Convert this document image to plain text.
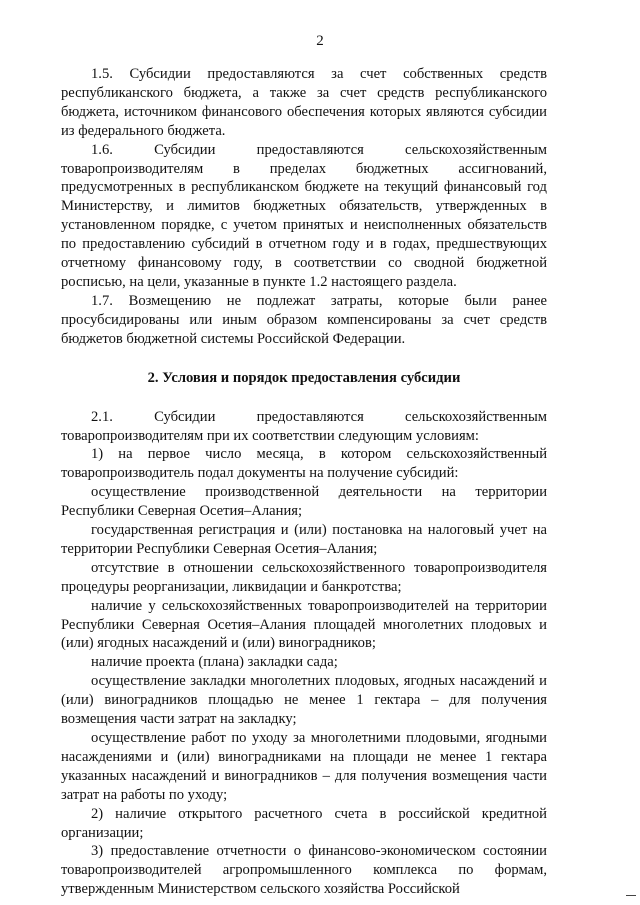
2

1.5. Субсидии предоставляются за счет собственных средств республиканского бюджета, а также за счет средств республиканского бюджета, источником финансового обеспечения которых являются субсидии из федерального бюджета.

1.6. Субсидии предоставляются сельскохозяйственным товаропроизводителям в пределах бюджетных ассигнований, предусмотренных в республиканском бюджете на текущий финансовый год Министерству, и лимитов бюджетных обязательств, утвержденных в установленном порядке, с учетом принятых и неисполненных обязательств по предоставлению субсидий в отчетном году и в годах, предшествующих отчетному финансовому году, в соответствии со сводной бюджетной росписью, на цели, указанные в пункте 1.2 настоящего раздела.

1.7. Возмещению не подлежат затраты, которые были ранее просубсидированы или иным образом компенсированы за счет средств бюджетов бюджетной системы Российской Федерации.

2. Условия и порядок предоставления субсидии

2.1. Субсидии предоставляются сельскохозяйственным товаропроизводителям при их соответствии следующим условиям:

1) на первое число месяца, в котором сельскохозяйственный товаропроизводитель подал документы на получение субсидий:

осуществление производственной деятельности на территории Республики Северная Осетия–Алания;

государственная регистрация и (или) постановка на налоговый учет на территории Республики Северная Осетия–Алания;

отсутствие в отношении сельскохозяйственного товаропроизводителя процедуры реорганизации, ликвидации и банкротства;

наличие у сельскохозяйственных товаропроизводителей на территории Республики Северная Осетия–Алания площадей многолетних плодовых и (или) ягодных насаждений и (или) виноградников;

наличие проекта (плана) закладки сада;

осуществление закладки многолетних плодовых, ягодных насаждений и (или) виноградников площадью не менее 1 гектара – для получения возмещения части затрат на закладку;

осуществление работ по уходу за многолетними плодовыми, ягодными насаждениями и (или) виноградниками на площади не менее 1 гектара указанных насаждений и виноградников – для получения возмещения части затрат на работы по уходу;

2) наличие открытого расчетного счета в российской кредитной организации;

3) предоставление отчетности о финансово-экономическом состоянии товаропроизводителей агропромышленного комплекса по формам, утвержденным Министерством сельского хозяйства Российской
